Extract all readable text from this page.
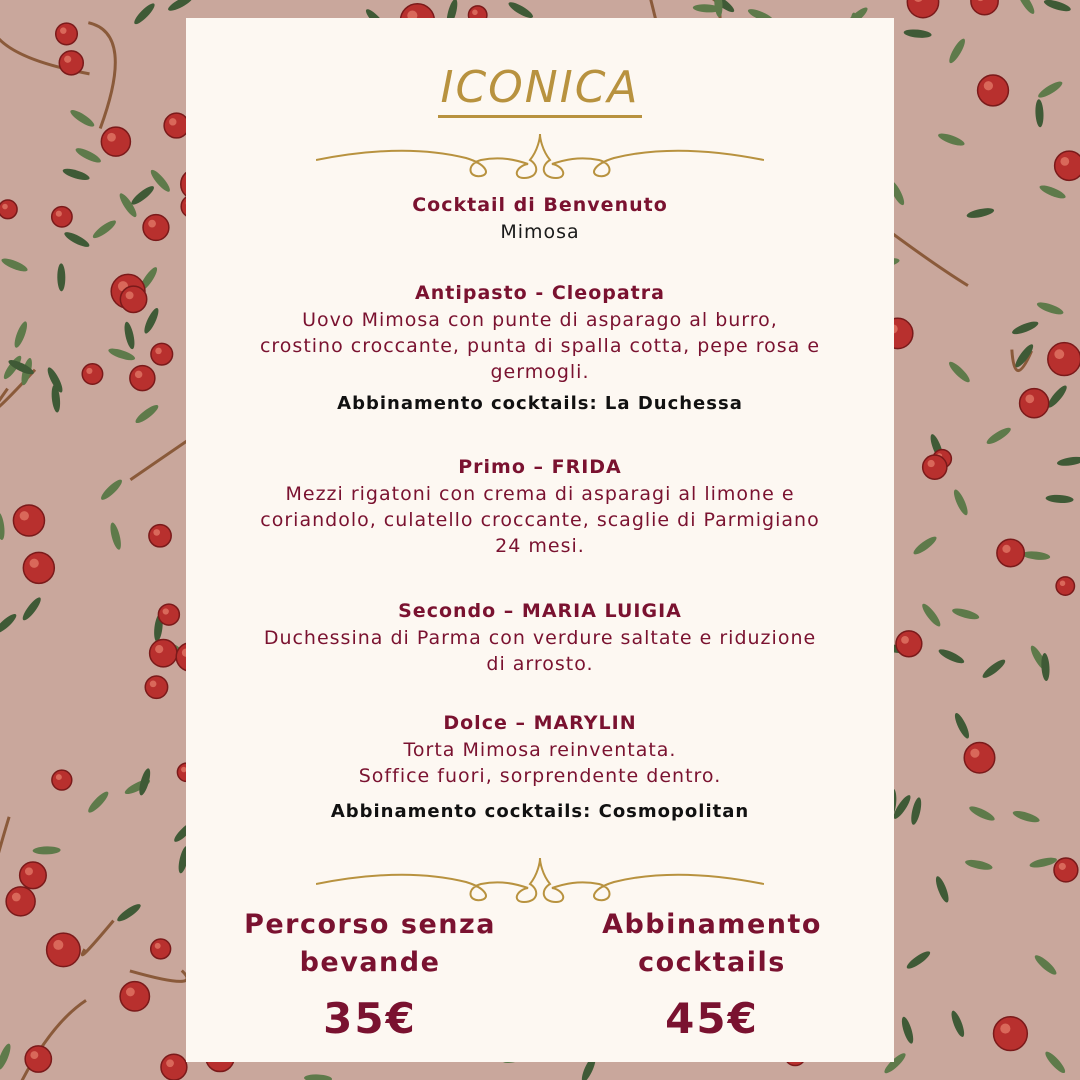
ICONICA
Cocktail di Benvenuto
Mimosa
Antipasto - Cleopatra
Uovo Mimosa con punte di asparago al burro,
crostino croccante, punta di spalla cotta, pepe rosa e
germogli.
Abbinamento cocktails: La Duchessa
Primo – FRIDA
Mezzi rigatoni con crema di asparagi al limone e
coriandolo, culatello croccante, scaglie di Parmigiano
24 mesi.
Secondo – MARIA LUIGIA
Duchessina di Parma con verdure saltate e riduzione
di arrosto.
Dolce – MARYLIN
Torta Mimosa reinventata.
Soffice fuori, sorprendente dentro.
Abbinamento cocktails: Cosmopolitan
Percorso senza
bevande
35€
Abbinamento
cocktails
45€
